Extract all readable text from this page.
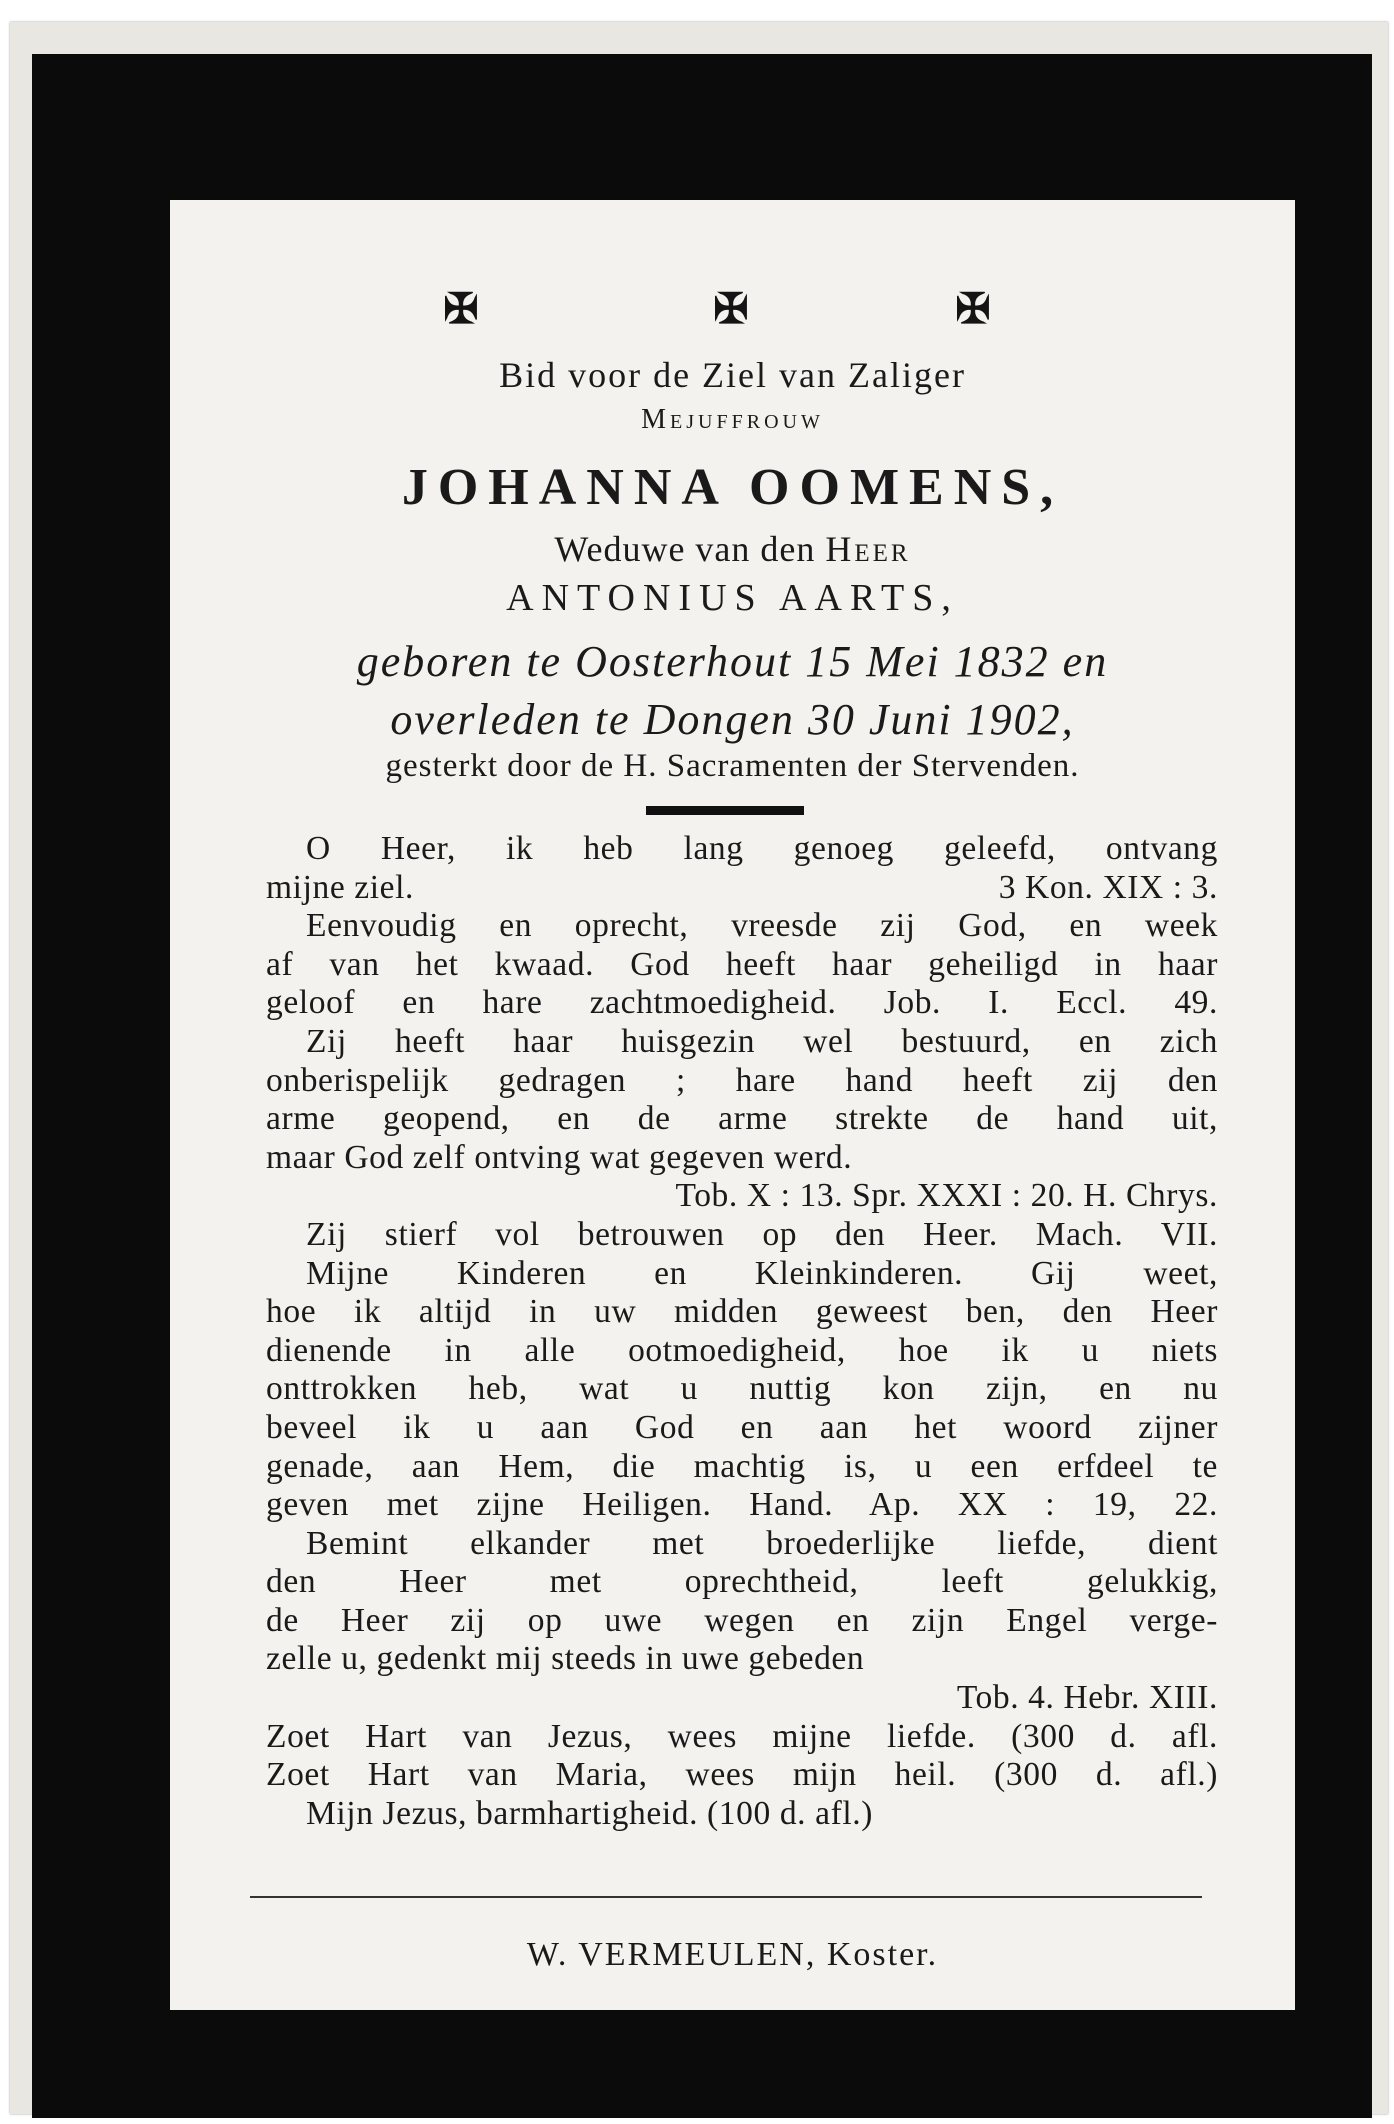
✠	✠	✠
Bid voor de Ziel van Zaliger
Mejuffrouw
JOHANNA OOMENS,
Weduwe van den Heer
ANTONIUS AARTS,
geboren te Oosterhout 15 Mei 1832 en
overleden te Dongen 30 Juni 1902,
gesterkt door de H. Sacramenten der Stervenden.
O Heer, ik heb lang genoeg geleefd, ontvang
mijne ziel.	3 Kon. XIX : 3.
Eenvoudig en oprecht, vreesde zij God, en week
af van het kwaad. God heeft haar geheiligd in haar
geloof en hare zachtmoedigheid. Job. I. Eccl. 49.
Zij heeft haar huisgezin wel bestuurd, en zich
onberispelijk gedragen ; hare hand heeft zij den
arme geopend, en de arme strekte de hand uit,
maar God zelf ontving wat gegeven werd.
Tob. X : 13. Spr. XXXI : 20. H. Chrys.
Zij stierf vol betrouwen op den Heer. Mach. VII.
Mijne Kinderen en Kleinkinderen. Gij weet,
hoe ik altijd in uw midden geweest ben, den Heer
dienende in alle ootmoedigheid, hoe ik u niets
onttrokken heb, wat u nuttig kon zijn, en nu
beveel ik u aan God en aan het woord zijner
genade, aan Hem, die machtig is, u een erfdeel te
geven met zijne Heiligen. Hand. Ap. XX : 19, 22.
Bemint elkander met broederlijke liefde, dient
den Heer met oprechtheid, leeft gelukkig,
de Heer zij op uwe wegen en zijn Engel verge-
zelle u, gedenkt mij steeds in uwe gebeden
Tob. 4. Hebr. XIII.
Zoet Hart van Jezus, wees mijne liefde. (300 d. afl.
Zoet Hart van Maria, wees mijn heil. (300 d. afl.)
Mijn Jezus, barmhartigheid. (100 d. afl.)
W. VERMEULEN, Koster.
